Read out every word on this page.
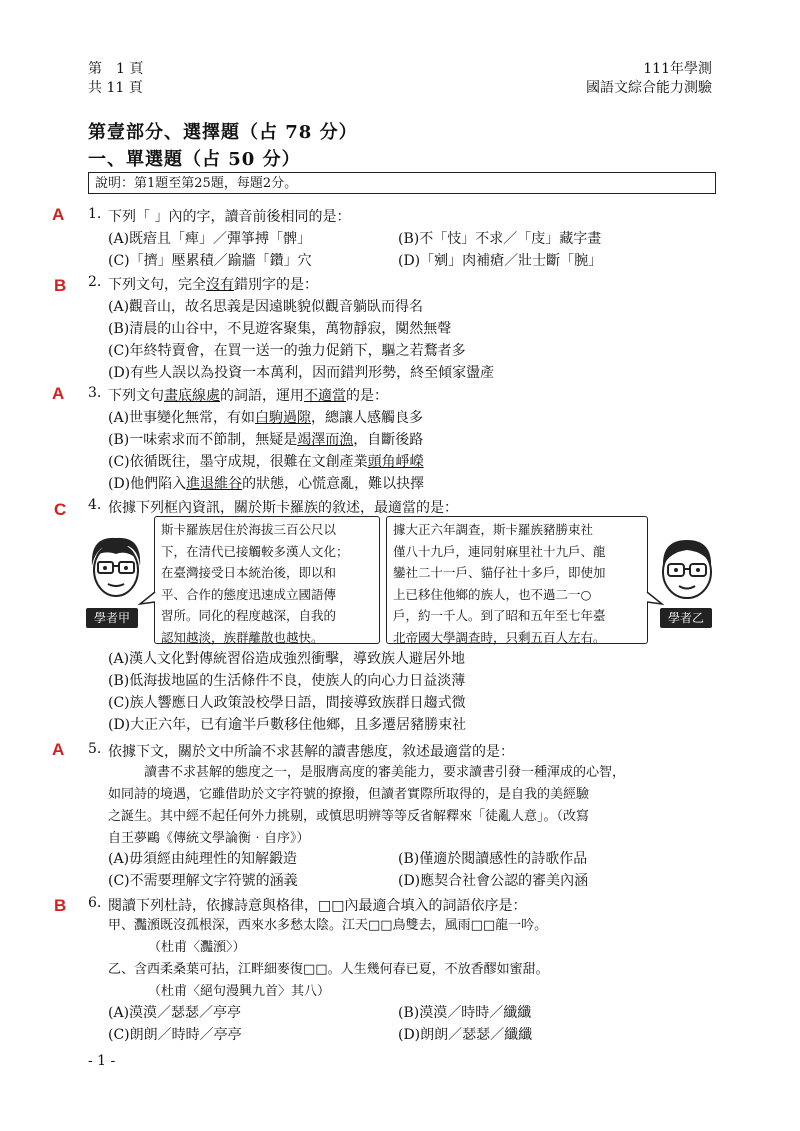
第　1 頁
共 11 頁
111年學測
國語文綜合能力測驗
第壹部分、選擇題（占 78 分）
一、單選題（占 50 分）
說明：第1題至第25題，每題2分。
A 1. 下列「 」內的字，讀音前後相同的是：
(A)既瘖且「痺」／彈箏搏「髀」	(B)不「忮」不求／「庋」藏字畫
(C)「擠」壓累積／踰牆「鑽」穴	(D)「剜」肉補瘡／壯士斷「腕」
B 2. 下列文句，完全沒有錯別字的是：
(A)觀音山，故名思義是因遠眺貌似觀音躺臥而得名
(B)清晨的山谷中，不見遊客聚集，萬物靜寂，闃然無聲
(C)年終特賣會，在買一送一的強力促銷下，驅之若鶩者多
(D)有些人誤以為投資一本萬利，因而錯判形勢，終至傾家盪產
A 3. 下列文句畫底線處的詞語，運用不適當的是：
(A)世事變化無常，有如白駒過隙，總讓人感觸良多
(B)一味索求而不節制，無疑是竭澤而漁，自斷後路
(C)依循既往，墨守成規，很難在文創產業頭角崢嶸
(D)他們陷入進退維谷的狀態，心慌意亂，難以抉擇
C 4. 依據下列框內資訊，關於斯卡羅族的敘述，最適當的是：
學者甲
斯卡羅族居住於海拔三百公尺以
下，在清代已接觸較多漢人文化；
在臺灣接受日本統治後，即以和
平、合作的態度迅速成立國語傳
習所。同化的程度越深，自我的
認知越淡，族群離散也越快。
據大正六年調查，斯卡羅族豬勝束社
僅八十九戶，連同射麻里社十九戶、龍
鑾社二十一戶、貓仔社十多戶，即使加
上已移住他鄉的族人，也不過二一○
戶，約一千人。到了昭和五年至七年臺
北帝國大學調查時，只剩五百人左右。
學者乙
(A)漢人文化對傳統習俗造成強烈衝擊，導致族人避居外地
(B)低海拔地區的生活條件不良，使族人的向心力日益淡薄
(C)族人響應日人政策設校學日語，間接導致族群日趨式微
(D)大正六年，已有逾半戶數移住他鄉，且多遷居豬勝束社
A 5. 依據下文，關於文中所論不求甚解的讀書態度，敘述最適當的是：
讀書不求甚解的態度之一，是服膺高度的審美能力，要求讀書引發一種渾成的心智，
如同詩的境遇，它雖借助於文字符號的撩撥，但讀者實際所取得的，是自我的美經驗
之誕生。其中經不起任何外力挑剔，或慎思明辨等等反省解釋來「徒亂人意」。（改寫
自王夢鷗《傳統文學論衡‧自序》）
(A)毋須經由純理性的知解鍛造	(B)僅適於閱讀感性的詩歌作品
(C)不需要理解文字符號的涵義	(D)應契合社會公認的審美內涵
B 6. 閱讀下列杜詩，依據詩意與格律，□□內最適合填入的詞語依序是：
甲、灩澦既沒孤根深，西來水多愁太陰。江天□□鳥雙去，風雨□□龍一吟。
（杜甫〈灩澦〉）
乙、含西柔桑葉可拈，江畔細麥復□□。人生幾何春已夏，不放香醪如蜜甜。
（杜甫〈絕句漫興九首〉其八）
(A)漠漠／瑟瑟／亭亭	(B)漠漠／時時／纖纖
(C)朗朗／時時／亭亭	(D)朗朗／瑟瑟／纖纖
- 1 -
